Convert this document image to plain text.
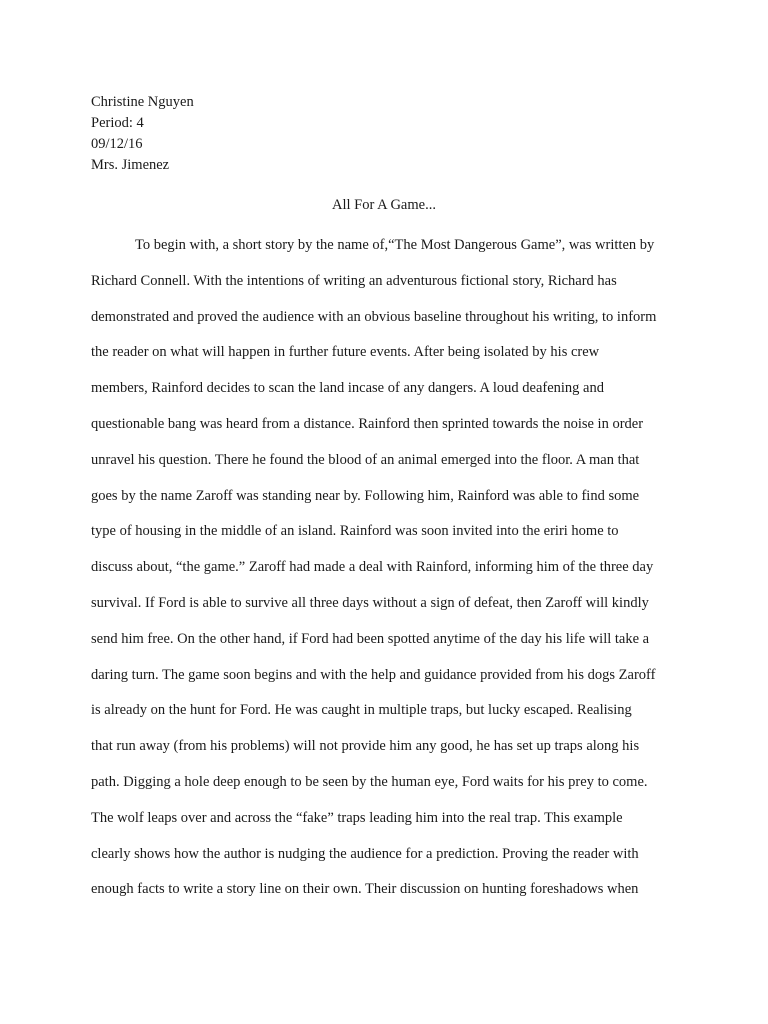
Christine Nguyen
Period: 4
09/12/16
Mrs. Jimenez
All For A Game...
To begin with, a short story by the name of,“The Most Dangerous Game”, was written by
Richard Connell. With the intentions of writing an adventurous fictional story, Richard has
demonstrated and proved the audience with an obvious baseline throughout his writing, to inform
the reader on what will happen in further future events. After being isolated by his crew
members, Rainford decides to scan the land incase of any dangers. A loud deafening and
questionable bang was heard from a distance. Rainford then sprinted towards the noise in order
unravel his question. There he found the blood of an animal emerged into the floor. A man that
goes by the name Zaroff was standing near by. Following him, Rainford was able to find some
type of housing in the middle of an island. Rainford was soon invited into the eriri home to
discuss about, “the game.” Zaroff had made a deal with Rainford, informing him of the three day
survival. If Ford is able to survive all three days without a sign of defeat, then Zaroff will kindly
send him free. On the other hand, if Ford had been spotted anytime of the day his life will take a
daring turn. The game soon begins and with the help and guidance provided from his dogs Zaroff
is already on the hunt for Ford. He was caught in multiple traps, but lucky escaped. Realising
that run away (from his problems) will not provide him any good, he has set up traps along his
path. Digging a hole deep enough to be seen by the human eye, Ford waits for his prey to come.
The wolf leaps over and across the “fake” traps leading him into the real trap. This example
clearly shows how the author is nudging the audience for a prediction. Proving the reader with
enough facts to write a story line on their own. Their discussion on hunting foreshadows when
